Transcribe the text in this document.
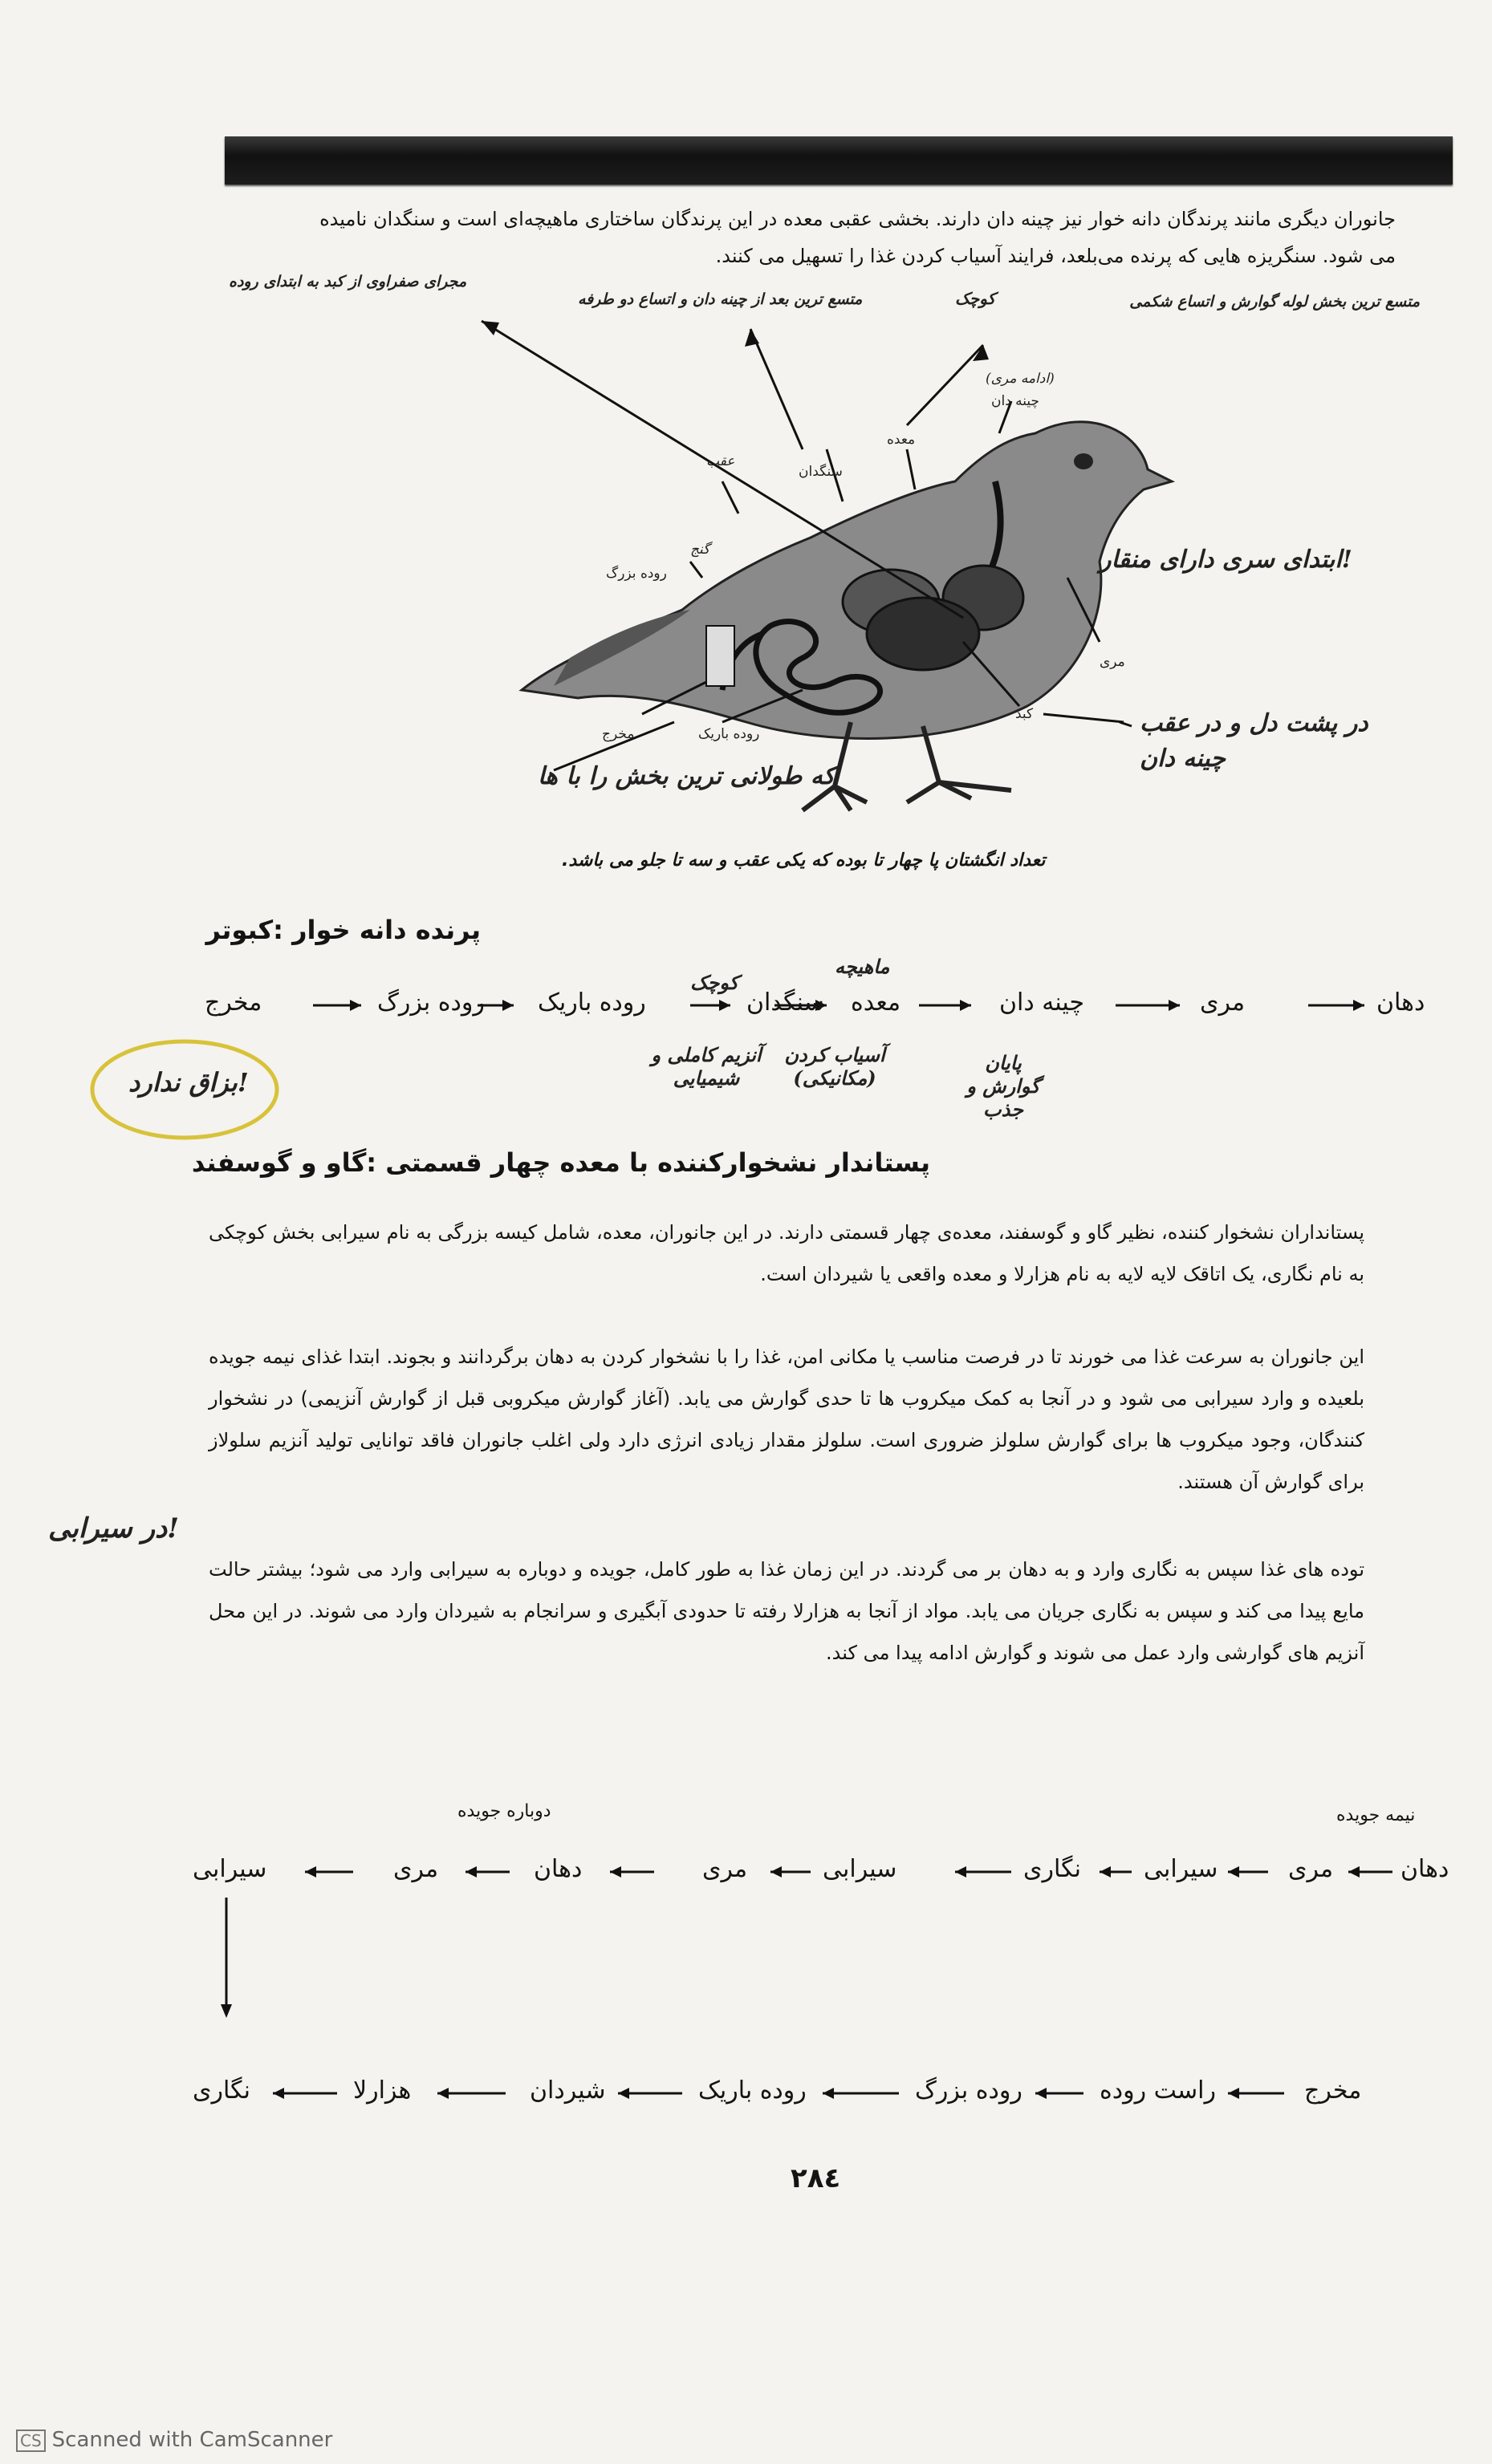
جانوران دیگری مانند پرندگان دانه خوار نیز چینه دان دارند. بخشی عقبی معده در این پرندگان ساختاری ماهیچه‌ای است و سنگدان نامیده
می شود. سنگریزه هایی که پرنده می‌بلعد، فرایند آسیاب کردن غذا را تسهیل می کنند.
متسع ترین بخش لوله گوارش و اتساع شکمی
کوچک
متسع ترین بعد از چینه دان و اتساع دو طرفه
مجرای صفراوی از کبد به ابتدای روده
چینه دان
(ادامه مری)
معده
سنگدان
عقب
روده بزرگ
گنج
مری
کبد
روده باریک
مخرج
ابتدای سری دارای منقار!
در پشت دل و در عقب چینه دان
که طولانی ترین بخش را با ها
تعداد انگشتان پا چهار تا بوده که یکی عقب و سه تا جلو می باشد.
پرنده دانه خوار :کبوتر
دهان
مری
چینه دان
معده
سنگدان
روده باریک
روده بزرگ
مخرج
بزاق ندارد!
کوچک
ماهیچه
آنزیم کاملی و شیمیایی
آسیاب کردن (مکانیکی)
پایان گوارش و جذب
پستاندار نشخوارکننده با معده چهار قسمتی :گاو و گوسفند
پستانداران نشخوار کننده، نظیر گاو و گوسفند، معده‌ی چهار قسمتی دارند. در این جانوران، معده، شامل کیسه بزرگی به نام سیرابی بخش کوچکی به نام نگاری، یک اتاقک لایه لایه به نام هزارلا و معده واقعی یا شیردان است.
این جانوران به سرعت غذا می خورند تا در فرصت مناسب یا مکانی امن، غذا را با نشخوار کردن به دهان برگردانند و بجوند. ابتدا غذای نیمه جویده بلعیده و وارد سیرابی می شود و در آنجا به کمک میکروب ها تا حدی گوارش می یابد. (آغاز گوارش میکروبی قبل از گوارش آنزیمی) در نشخوار کنندگان، وجود میکروب ها برای گوارش سلولز ضروری است. سلولز مقدار زیادی انرژی دارد ولی اغلب جانوران فاقد توانایی تولید آنزیم سلولاز برای گوارش آن هستند.
توده های غذا سپس به نگاری وارد و به دهان بر می گردند. در این زمان غذا به طور کامل، جویده و دوباره به سیرابی وارد می شود؛ بیشتر حالت مایع پیدا می کند و سپس به نگاری جریان می یابد. مواد از آنجا به هزارلا رفته تا حدودی آبگیری و سرانجام به شیردان وارد می شوند. در این محل آنزیم های گوارشی وارد عمل می شوند و گوارش ادامه پیدا می کند.
در سیرابی!
نیمه جویده
دوباره جویده
دهان
مری
سیرابی
نگاری
سیرابی
مری
دهان
مری
سیرابی
نگاری	هزارلا	شیردان	روده باریک	روده بزرگ	راست روده	مخرج
۲۸٤
CS Scanned with CamScanner
